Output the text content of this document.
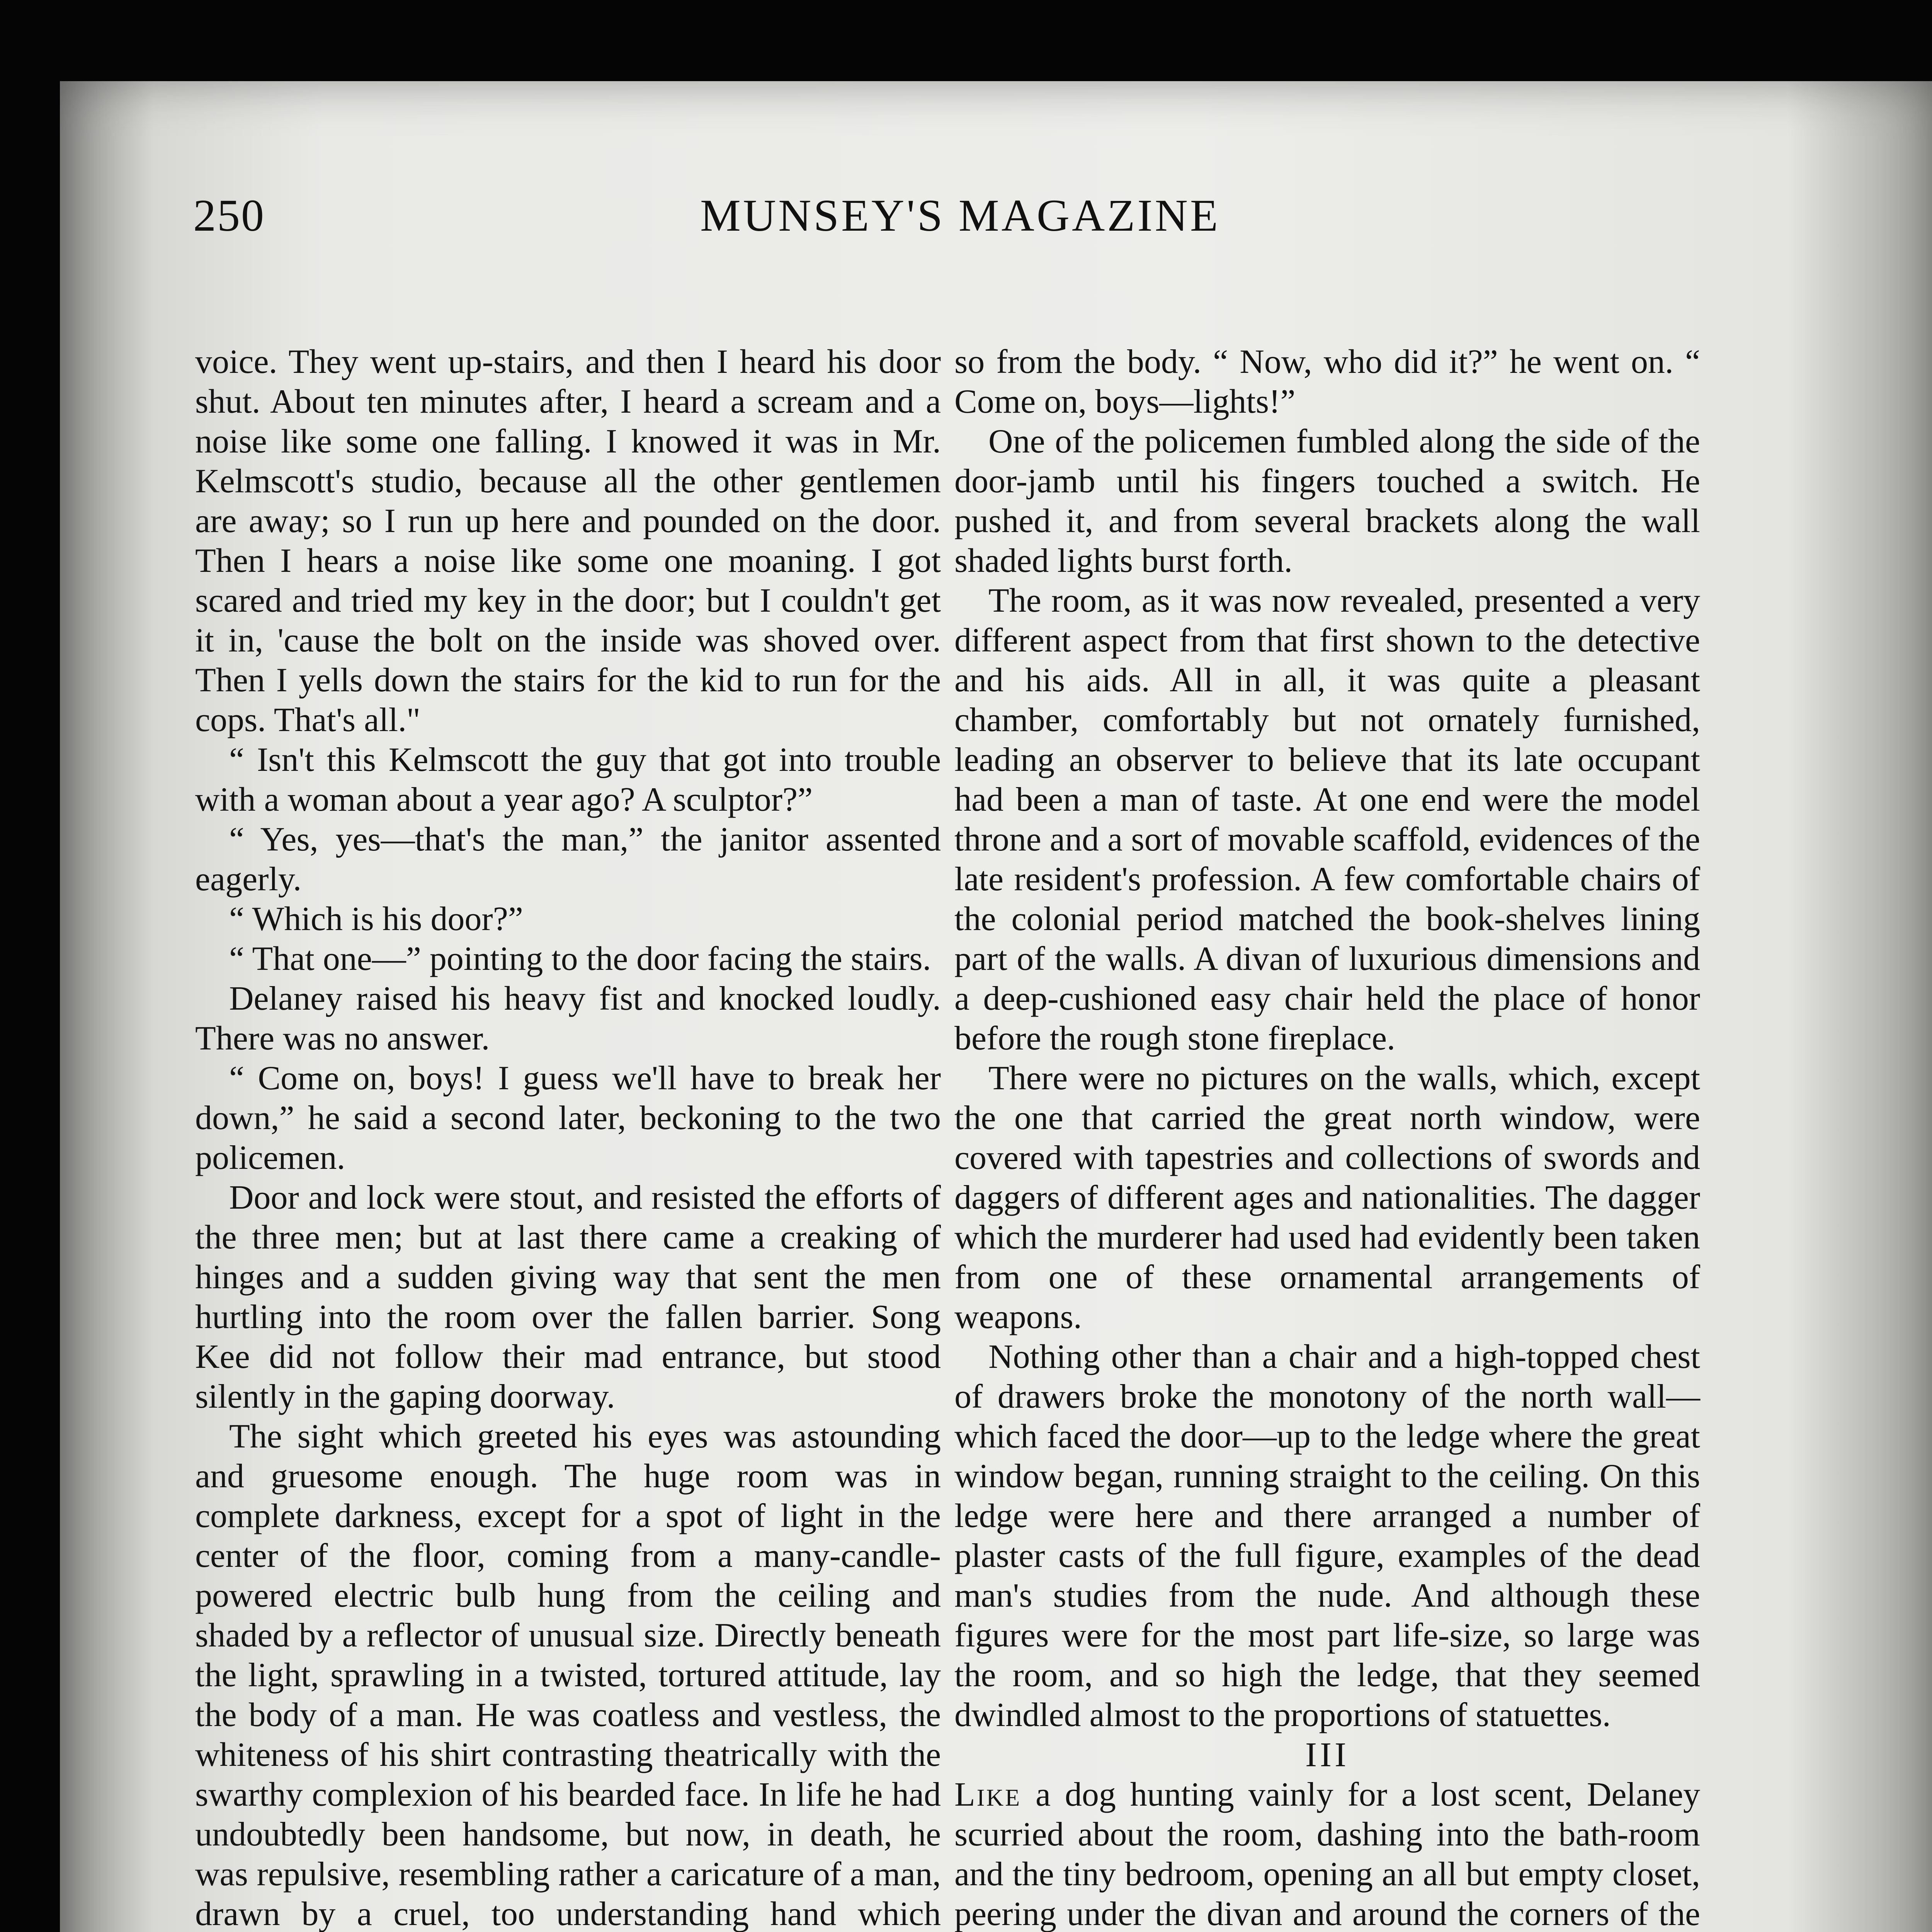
250	MUNSEY'S MAGAZINE

voice. They went up-stairs, and then I heard his door shut. About ten minutes after, I heard a scream and a noise like some one falling. I knowed it was in Mr. Kelmscott's studio, because all the other gentlemen are away; so I run up here and pounded on the door. Then I hears a noise like some one moaning. I got scared and tried my key in the door; but I couldn't get it in, 'cause the bolt on the inside was shoved over. Then I yells down the stairs for the kid to run for the cops. That's all."

“ Isn't this Kelmscott the guy that got into trouble with a woman about a year ago? A sculptor?”

“ Yes, yes—that's the man,” the janitor assented eagerly.

“ Which is his door?”

“ That one—” pointing to the door facing the stairs.

Delaney raised his heavy fist and knocked loudly. There was no answer.

“ Come on, boys! I guess we'll have to break her down,” he said a second later, beckoning to the two policemen.

Door and lock were stout, and resisted the efforts of the three men; but at last there came a creaking of hinges and a sudden giving way that sent the men hurtling into the room over the fallen barrier. Song Kee did not follow their mad entrance, but stood silently in the gaping doorway.

The sight which greeted his eyes was astounding and gruesome enough. The huge room was in complete darkness, except for a spot of light in the center of the floor, coming from a many-candle-powered electric bulb hung from the ceiling and shaded by a reflector of unusual size. Directly beneath the light, sprawling in a twisted, tortured attitude, lay the body of a man. He was coatless and vestless, the whiteness of his shirt contrasting theatrically with the swarthy complexion of his bearded face. In life he had undoubtedly been handsome, but now, in death, he was repulsive, resembling rather a caricature of a man, drawn by a cruel, too understanding hand which

so from the body. “ Now, who did it?” he went on. “ Come on, boys—lights!”

One of the policemen fumbled along the side of the door-jamb until his fingers touched a switch. He pushed it, and from several brackets along the wall shaded lights burst forth.

The room, as it was now revealed, presented a very different aspect from that first shown to the detective and his aids. All in all, it was quite a pleasant chamber, comfortably but not ornately furnished, leading an observer to believe that its late occupant had been a man of taste. At one end were the model throne and a sort of movable scaffold, evidences of the late resident's profession. A few comfortable chairs of the colonial period matched the book-shelves lining part of the walls. A divan of luxurious dimensions and a deep-cushioned easy chair held the place of honor before the rough stone fireplace.

There were no pictures on the walls, which, except the one that carried the great north window, were covered with tapestries and collections of swords and daggers of different ages and nationalities. The dagger which the murderer had used had evidently been taken from one of these ornamental arrangements of weapons.

Nothing other than a chair and a high-topped chest of drawers broke the monotony of the north wall—which faced the door—up to the ledge where the great window began, running straight to the ceiling. On this ledge were here and there arranged a number of plaster casts of the full figure, examples of the dead man's studies from the nude. And although these figures were for the most part life-size, so large was the room, and so high the ledge, that they seemed dwindled almost to the proportions of statuettes.

III

Like a dog hunting vainly for a lost scent, Delaney scurried about the room, dashing into the bath-room and the tiny bedroom, opening an all but empty closet, peering under the divan and around the corners of the
